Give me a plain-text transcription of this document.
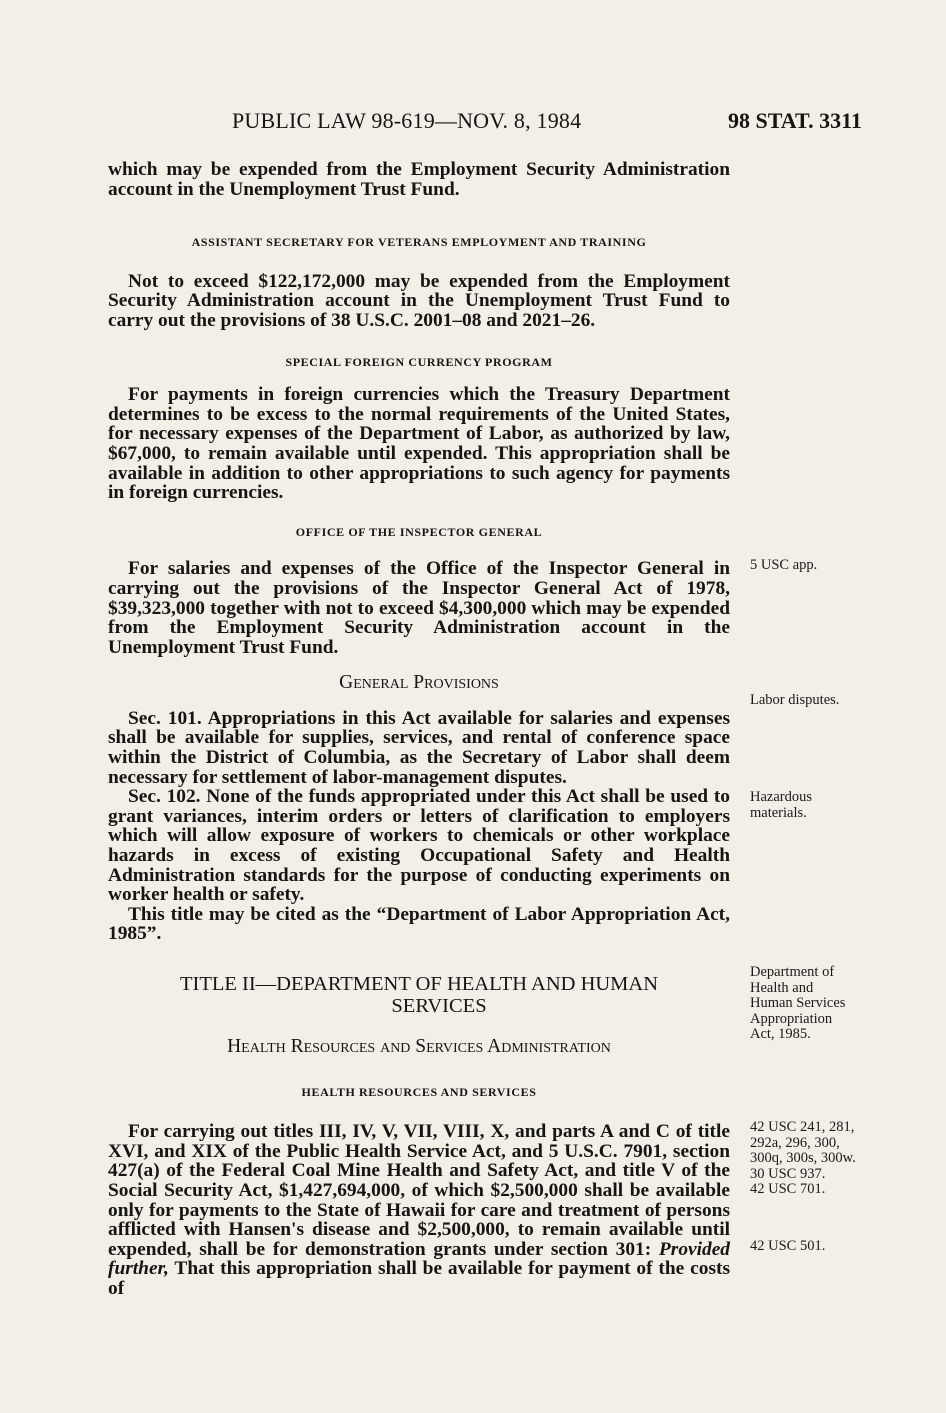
PUBLIC LAW 98-619—NOV. 8, 1984	98 STAT. 3311

which may be expended from the Employment Security Administration account in the Unemployment Trust Fund.

ASSISTANT SECRETARY FOR VETERANS EMPLOYMENT AND TRAINING

Not to exceed $122,172,000 may be expended from the Employment Security Administration account in the Unemployment Trust Fund to carry out the provisions of 38 U.S.C. 2001–08 and 2021–26.

SPECIAL FOREIGN CURRENCY PROGRAM

For payments in foreign currencies which the Treasury Department determines to be excess to the normal requirements of the United States, for necessary expenses of the Department of Labor, as authorized by law, $67,000, to remain available until expended. This appropriation shall be available in addition to other appropriations to such agency for payments in foreign currencies.

OFFICE OF THE INSPECTOR GENERAL

For salaries and expenses of the Office of the Inspector General in carrying out the provisions of the Inspector General Act of 1978, $39,323,000 together with not to exceed $4,300,000 which may be expended from the Employment Security Administration account in the Unemployment Trust Fund.

General Provisions

Sec. 101. Appropriations in this Act available for salaries and expenses shall be available for supplies, services, and rental of conference space within the District of Columbia, as the Secretary of Labor shall deem necessary for settlement of labor-management disputes.

Sec. 102. None of the funds appropriated under this Act shall be used to grant variances, interim orders or letters of clarification to employers which will allow exposure of workers to chemicals or other workplace hazards in excess of existing Occupational Safety and Health Administration standards for the purpose of conducting experiments on worker health or safety.

This title may be cited as the “Department of Labor Appropriation Act, 1985”.

TITLE II—DEPARTMENT OF HEALTH AND HUMAN
SERVICES

Health Resources and Services Administration

HEALTH RESOURCES AND SERVICES

For carrying out titles III, IV, V, VII, VIII, X, and parts A and C of title XVI, and XIX of the Public Health Service Act, and 5 U.S.C. 7901, section 427(a) of the Federal Coal Mine Health and Safety Act, and title V of the Social Security Act, $1,427,694,000, of which $2,500,000 shall be available only for payments to the State of Hawaii for care and treatment of persons afflicted with Hansen's disease and $2,500,000, to remain available until expended, shall be for demonstration grants under section 301: Provided further, That this appropriation shall be available for payment of the costs of

5 USC app.
Labor disputes.
Hazardous
materials.
Department of
Health and
Human Services
Appropriation
Act, 1985.
42 USC 241, 281,
292a, 296, 300,
300q, 300s, 300w.
30 USC 937.
42 USC 701.
42 USC 501.
